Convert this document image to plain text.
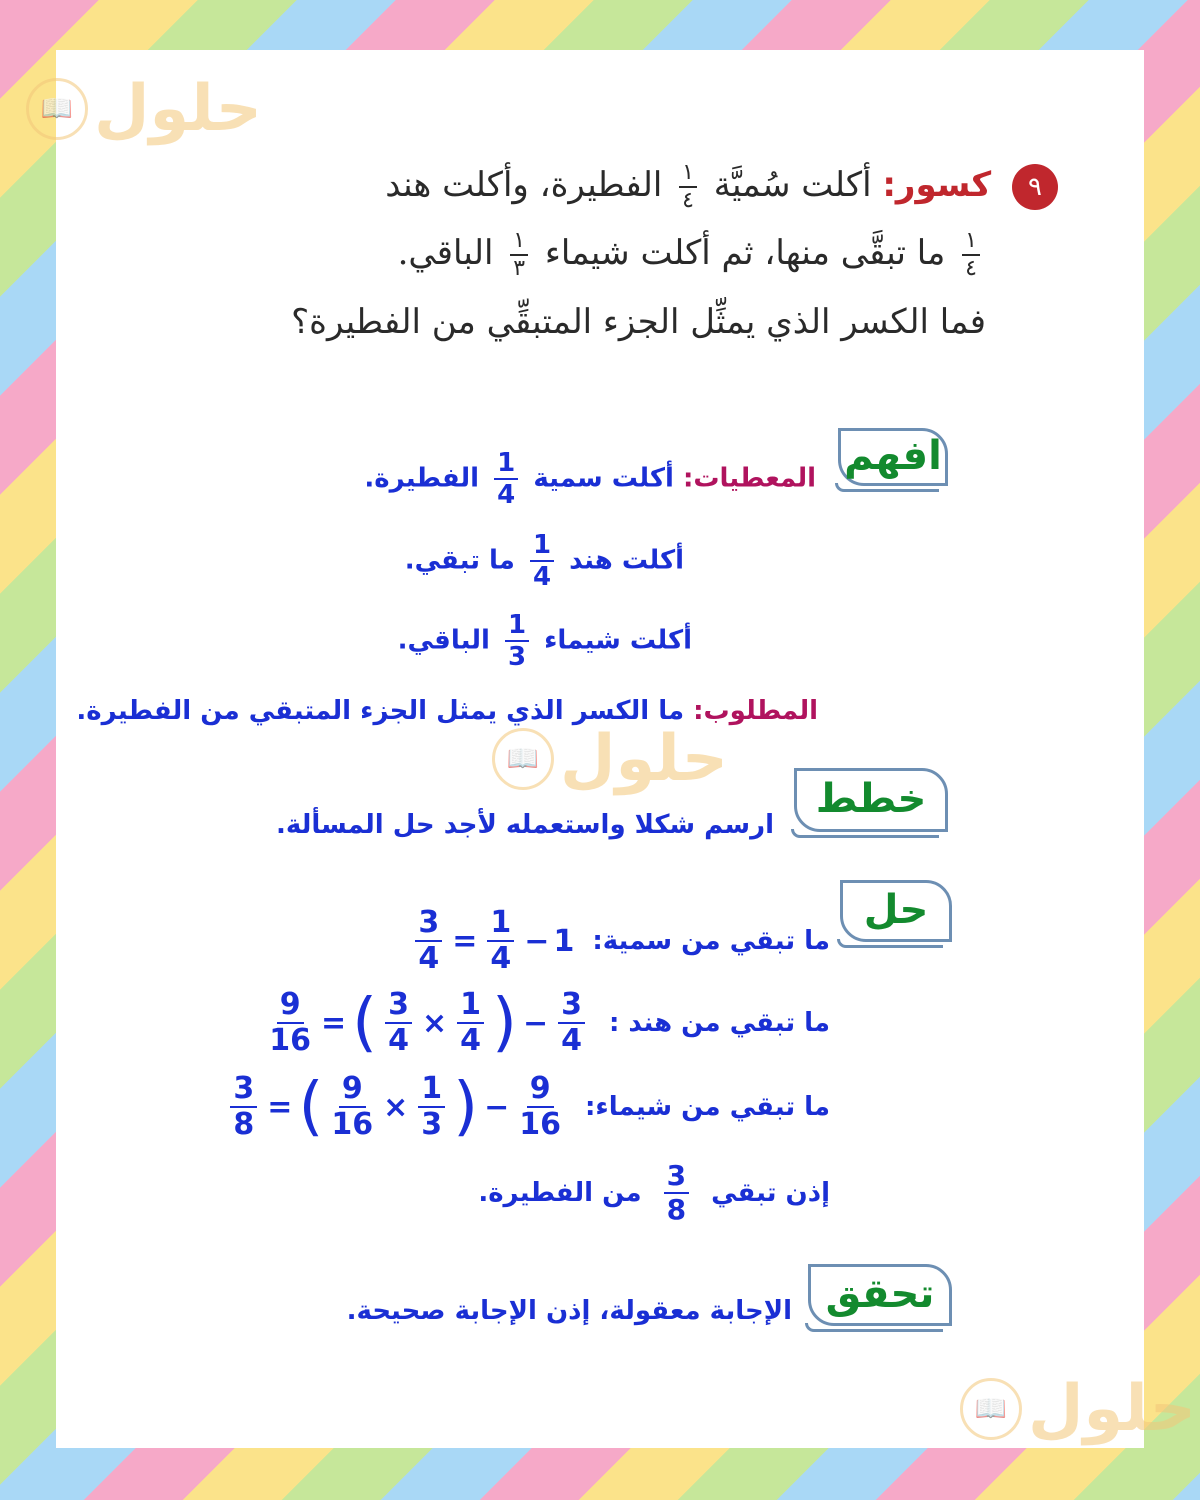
📖 حلول
📖 حلول
📖 حلول
٩ كسور: أكلت سُميَّة
$\frac{١}{٤}$
الفطيرة، وأكلت هند
$\frac{١}{٤}$
ما تبقَّى منها، ثم أكلت شيماء
$\frac{١}{٣}$
الباقي.
فما الكسر الذي يمثِّل الجزء المتبقِّي من الفطيرة؟
افهم
المعطيات: أكلت سمية
$\frac{1}{4}$
الفطيرة.
أكلت هند
$\frac{1}{4}$
ما تبقي.
أكلت شيماء
$\frac{1}{3}$
الباقي.
المطلوب: ما الكسر الذي يمثل الجزء المتبقي من الفطيرة.
خطط
ارسم شكلا واستعمله لأجد حل المسألة.
حل
ما تبقي من سمية:
$\frac{3}{4} = \frac{1}{4} - 1$
ما تبقي من هند :
$\frac{9}{16}$ = ( $\frac{3}{4} \times \frac{1}{4}$ ) − $\frac{3}{4}$
ما تبقي من شيماء:
$\frac{3}{8}$ = ( $\frac{9}{16} \times \frac{1}{3}$ ) − $\frac{9}{16}$
إذن تبقي
$\frac{3}{8}$
من الفطيرة.
تحقق
الإجابة معقولة، إذن الإجابة صحيحة.
